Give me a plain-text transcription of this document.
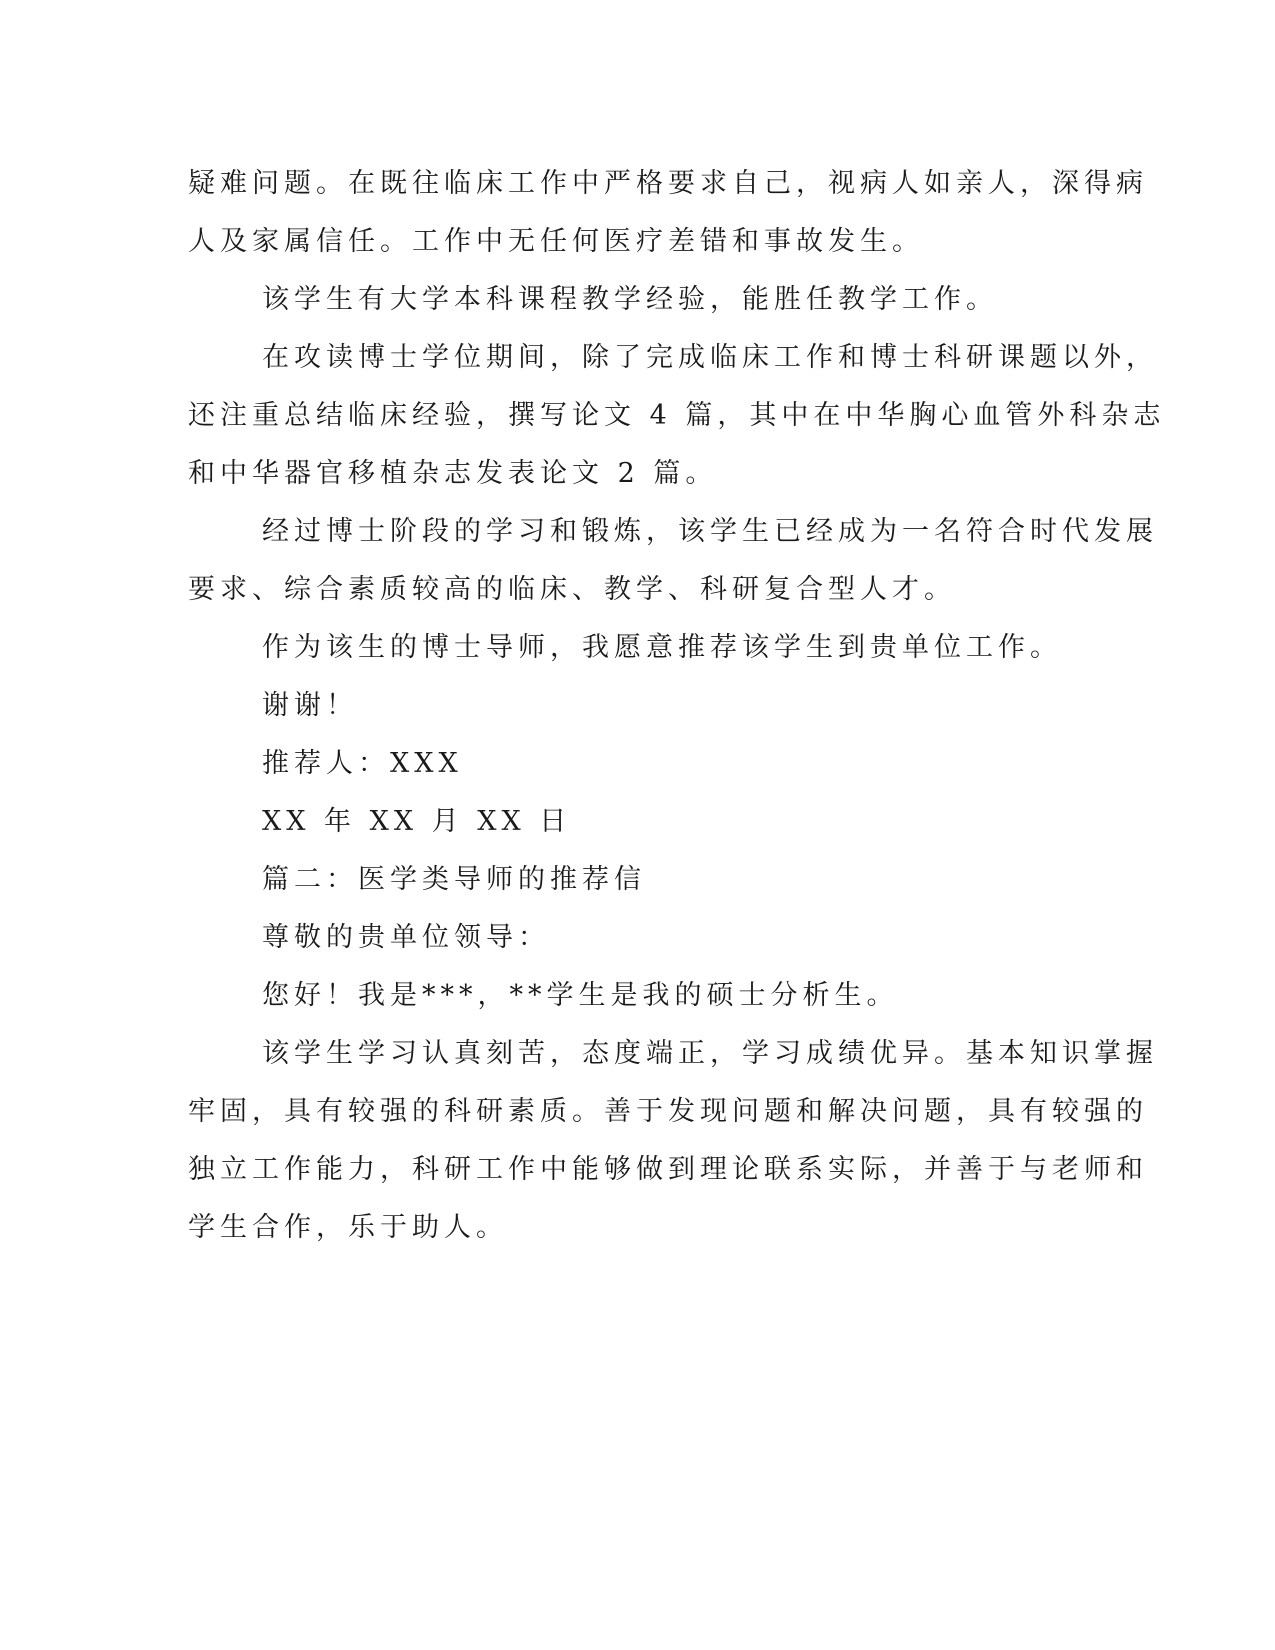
疑难问题。在既往临床工作中严格要求自己，视病人如亲人，深得病
人及家属信任。工作中无任何医疗差错和事故发生。
该学生有大学本科课程教学经验，能胜任教学工作。
在攻读博士学位期间，除了完成临床工作和博士科研课题以外，
还注重总结临床经验，撰写论文 4 篇，其中在中华胸心血管外科杂志
和中华器官移植杂志发表论文 2 篇。
经过博士阶段的学习和锻炼，该学生已经成为一名符合时代发展
要求、综合素质较高的临床、教学、科研复合型人才。
作为该生的博士导师，我愿意推荐该学生到贵单位工作。
谢谢！
推荐人：XXX
XX 年 XX 月 XX 日
篇二：医学类导师的推荐信
尊敬的贵单位领导：
您好！我是***，**学生是我的硕士分析生。
该学生学习认真刻苦，态度端正，学习成绩优异。基本知识掌握
牢固，具有较强的科研素质。善于发现问题和解决问题，具有较强的
独立工作能力，科研工作中能够做到理论联系实际，并善于与老师和
学生合作，乐于助人。
